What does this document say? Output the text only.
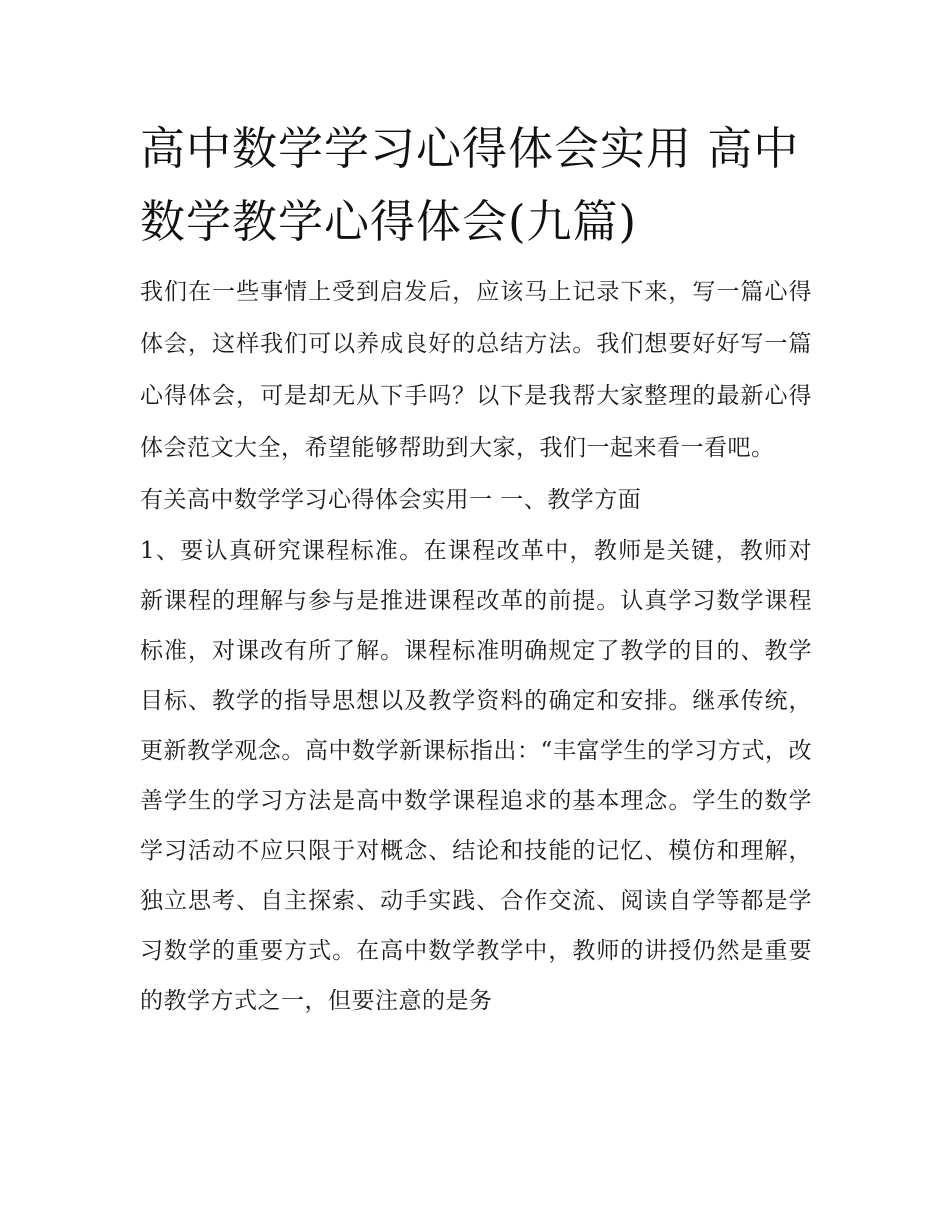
高中数学学习心得体会实用 高中数学教学心得体会(九篇)

我们在一些事情上受到启发后，应该马上记录下来，写一篇心得体会，这样我们可以养成良好的总结方法。我们想要好好写一篇心得体会，可是却无从下手吗？以下是我帮大家整理的最新心得体会范文大全，希望能够帮助到大家，我们一起来看一看吧。

有关高中数学学习心得体会实用一 一、教学方面

1、要认真研究课程标准。在课程改革中，教师是关键，教师对新课程的理解与参与是推进课程改革的前提。认真学习数学课程标准，对课改有所了解。课程标准明确规定了教学的目的、教学目标、教学的指导思想以及教学资料的确定和安排。继承传统，更新教学观念。高中数学新课标指出：“丰富学生的学习方式，改善学生的学习方法是高中数学课程追求的基本理念。学生的数学学习活动不应只限于对概念、结论和技能的记忆、模仿和理解，独立思考、自主探索、动手实践、合作交流、阅读自学等都是学习数学的重要方式。在高中数学教学中，教师的讲授仍然是重要的教学方式之一，但要注意的是务
